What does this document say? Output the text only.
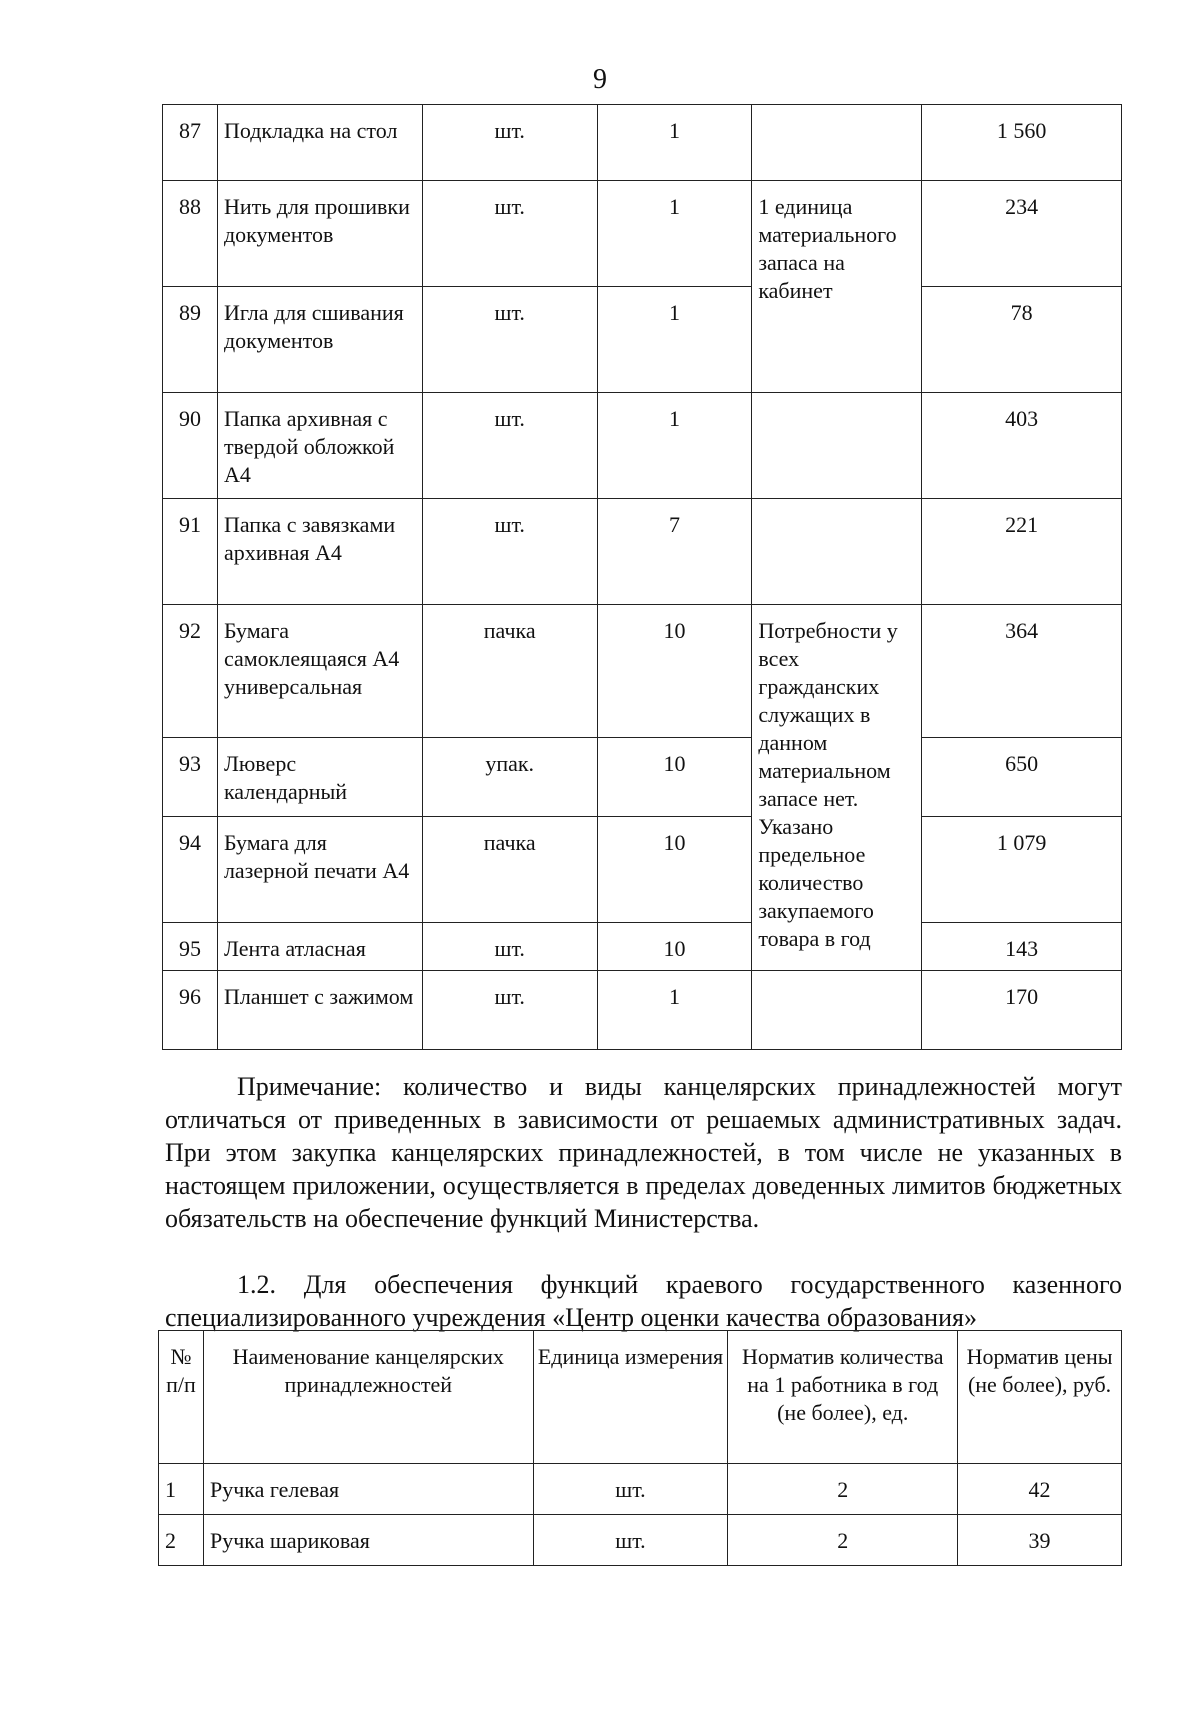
9
87	Подкладка на стол	шт.	1		1 560
88	Нить для прошивки документов	шт.	1	1 единица материального запаса на кабинет	234
89	Игла для сшивания документов	шт.	1		78
90	Папка архивная с твердой обложкой А4	шт.	1		403
91	Папка с завязками архивная А4	шт.	7		221
92	Бумага самоклеящаяся А4 универсальная	пачка	10	Потребности у всех гражданских служащих в данном материальном запасе нет. Указано предельное количество закупаемого товара в год	364
93	Люверс календарный	упак.	10		650
94	Бумага для лазерной печати А4	пачка	10		1 079
95	Лента атласная	шт.	10		143
96	Планшет с зажимом	шт.	1		170

Примечание: количество и виды канцелярских принадлежностей могут отличаться от приведенных в зависимости от решаемых административных задач. При этом закупка канцелярских принадлежностей, в том числе не указанных в настоящем приложении, осуществляется в пределах доведенных лимитов бюджетных обязательств на обеспечение функций Министерства.

1.2. Для обеспечения функций краевого государственного казенного специализированного учреждения «Центр оценки качества образования»

№ п/п	Наименование канцелярских принадлежностей	Единица измерения	Норматив количества на 1 работника в год (не более), ед.	Норматив цены (не более), руб.
1	Ручка гелевая	шт.	2	42
2	Ручка шариковая	шт.	2	39
